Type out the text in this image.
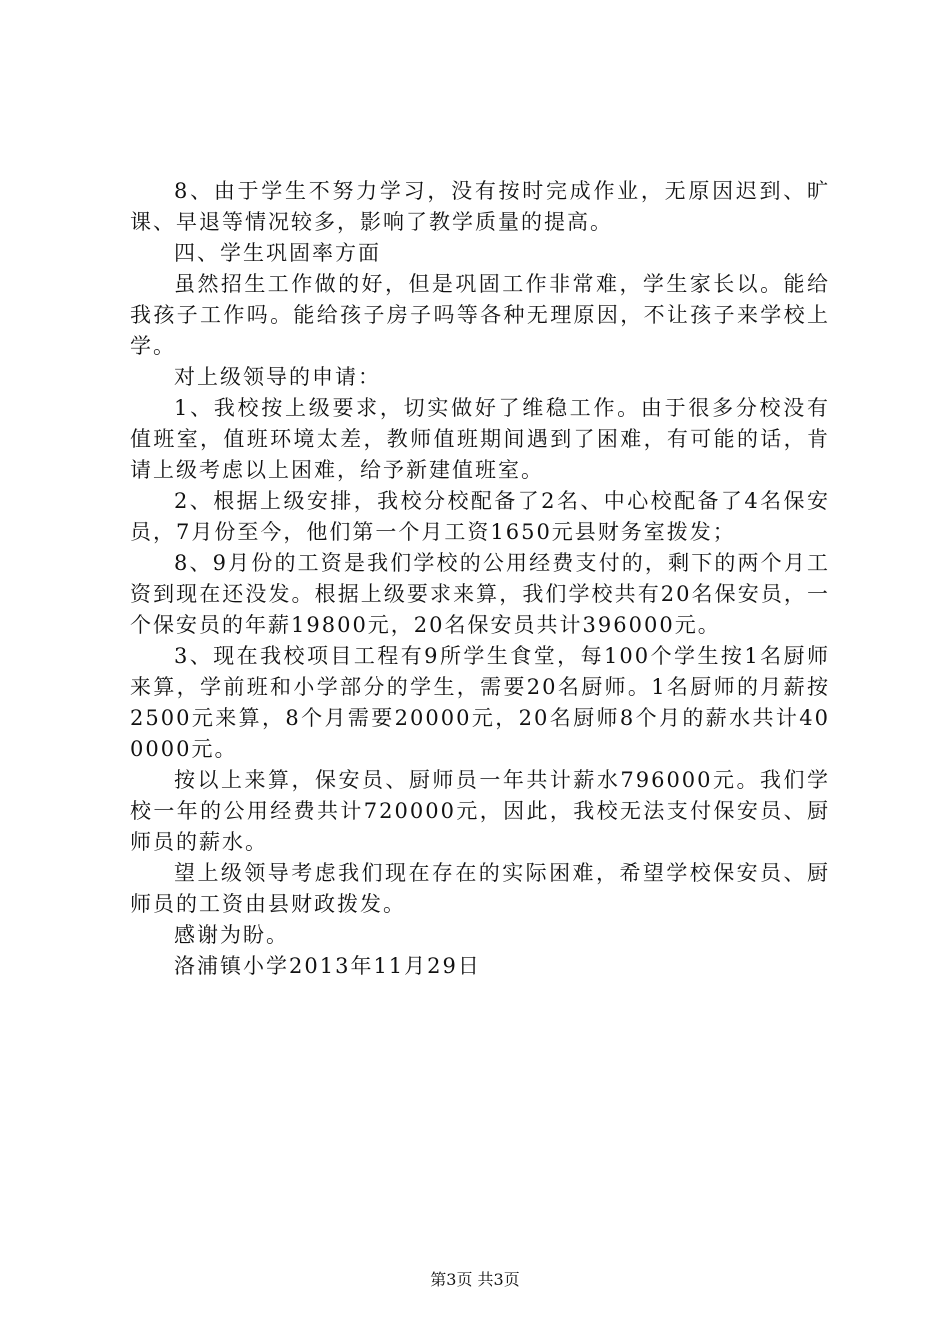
8、由于学生不努力学习，没有按时完成作业，无原因迟到、旷课、早退等情况较多，影响了教学质量的提高。

四、学生巩固率方面

虽然招生工作做的好，但是巩固工作非常难，学生家长以。能给我孩子工作吗。能给孩子房子吗等各种无理原因，不让孩子来学校上学。

对上级领导的申请：

1、我校按上级要求，切实做好了维稳工作。由于很多分校没有值班室，值班环境太差，教师值班期间遇到了困难，有可能的话，肯请上级考虑以上困难，给予新建值班室。

2、根据上级安排，我校分校配备了2名、中心校配备了4名保安员，7月份至今，他们第一个月工资1650元县财务室拨发；

8、9月份的工资是我们学校的公用经费支付的，剩下的两个月工资到现在还没发。根据上级要求来算，我们学校共有20名保安员，一个保安员的年薪19800元，20名保安员共计396000元。

3、现在我校项目工程有9所学生食堂，每100个学生按1名厨师来算，学前班和小学部分的学生，需要20名厨师。1名厨师的月薪按2500元来算，8个月需要20000元，20名厨师8个月的薪水共计400000元。

按以上来算，保安员、厨师员一年共计薪水796000元。我们学校一年的公用经费共计720000元，因此，我校无法支付保安员、厨师员的薪水。

望上级领导考虑我们现在存在的实际困难，希望学校保安员、厨师员的工资由县财政拨发。

感谢为盼。

洛浦镇小学2013年11月29日

第3页 共3页
